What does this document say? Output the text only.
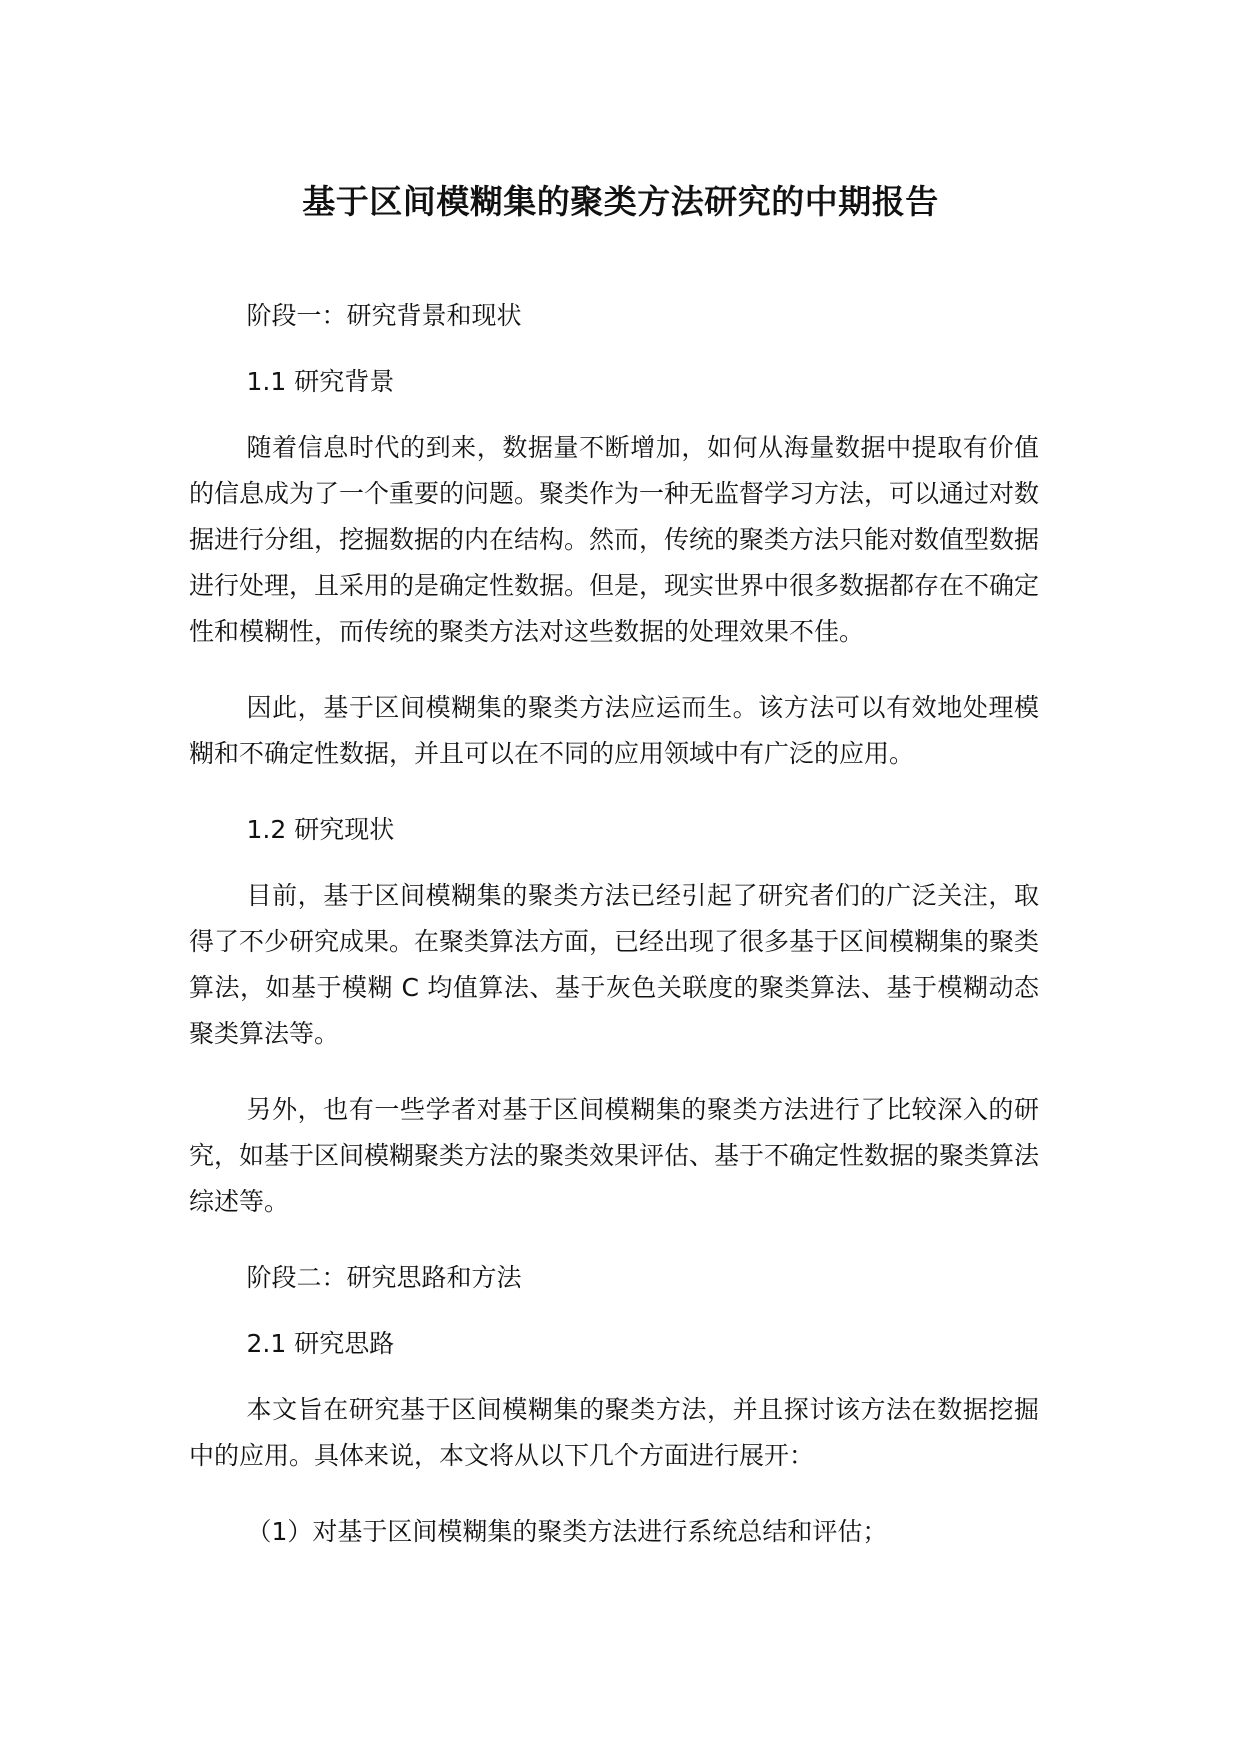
基于区间模糊集的聚类方法研究的中期报告

阶段一：研究背景和现状

1.1 研究背景

随着信息时代的到来，数据量不断增加，如何从海量数据中提取有价值的信息成为了一个重要的问题。聚类作为一种无监督学习方法，可以通过对数据进行分组，挖掘数据的内在结构。然而，传统的聚类方法只能对数值型数据进行处理，且采用的是确定性数据。但是，现实世界中很多数据都存在不确定性和模糊性，而传统的聚类方法对这些数据的处理效果不佳。

因此，基于区间模糊集的聚类方法应运而生。该方法可以有效地处理模糊和不确定性数据，并且可以在不同的应用领域中有广泛的应用。

1.2 研究现状

目前，基于区间模糊集的聚类方法已经引起了研究者们的广泛关注，取得了不少研究成果。在聚类算法方面，已经出现了很多基于区间模糊集的聚类算法，如基于模糊 C 均值算法、基于灰色关联度的聚类算法、基于模糊动态聚类算法等。

另外，也有一些学者对基于区间模糊集的聚类方法进行了比较深入的研究，如基于区间模糊聚类方法的聚类效果评估、基于不确定性数据的聚类算法综述等。

阶段二：研究思路和方法

2.1 研究思路

本文旨在研究基于区间模糊集的聚类方法，并且探讨该方法在数据挖掘中的应用。具体来说，本文将从以下几个方面进行展开：

（1）对基于区间模糊集的聚类方法进行系统总结和评估；
